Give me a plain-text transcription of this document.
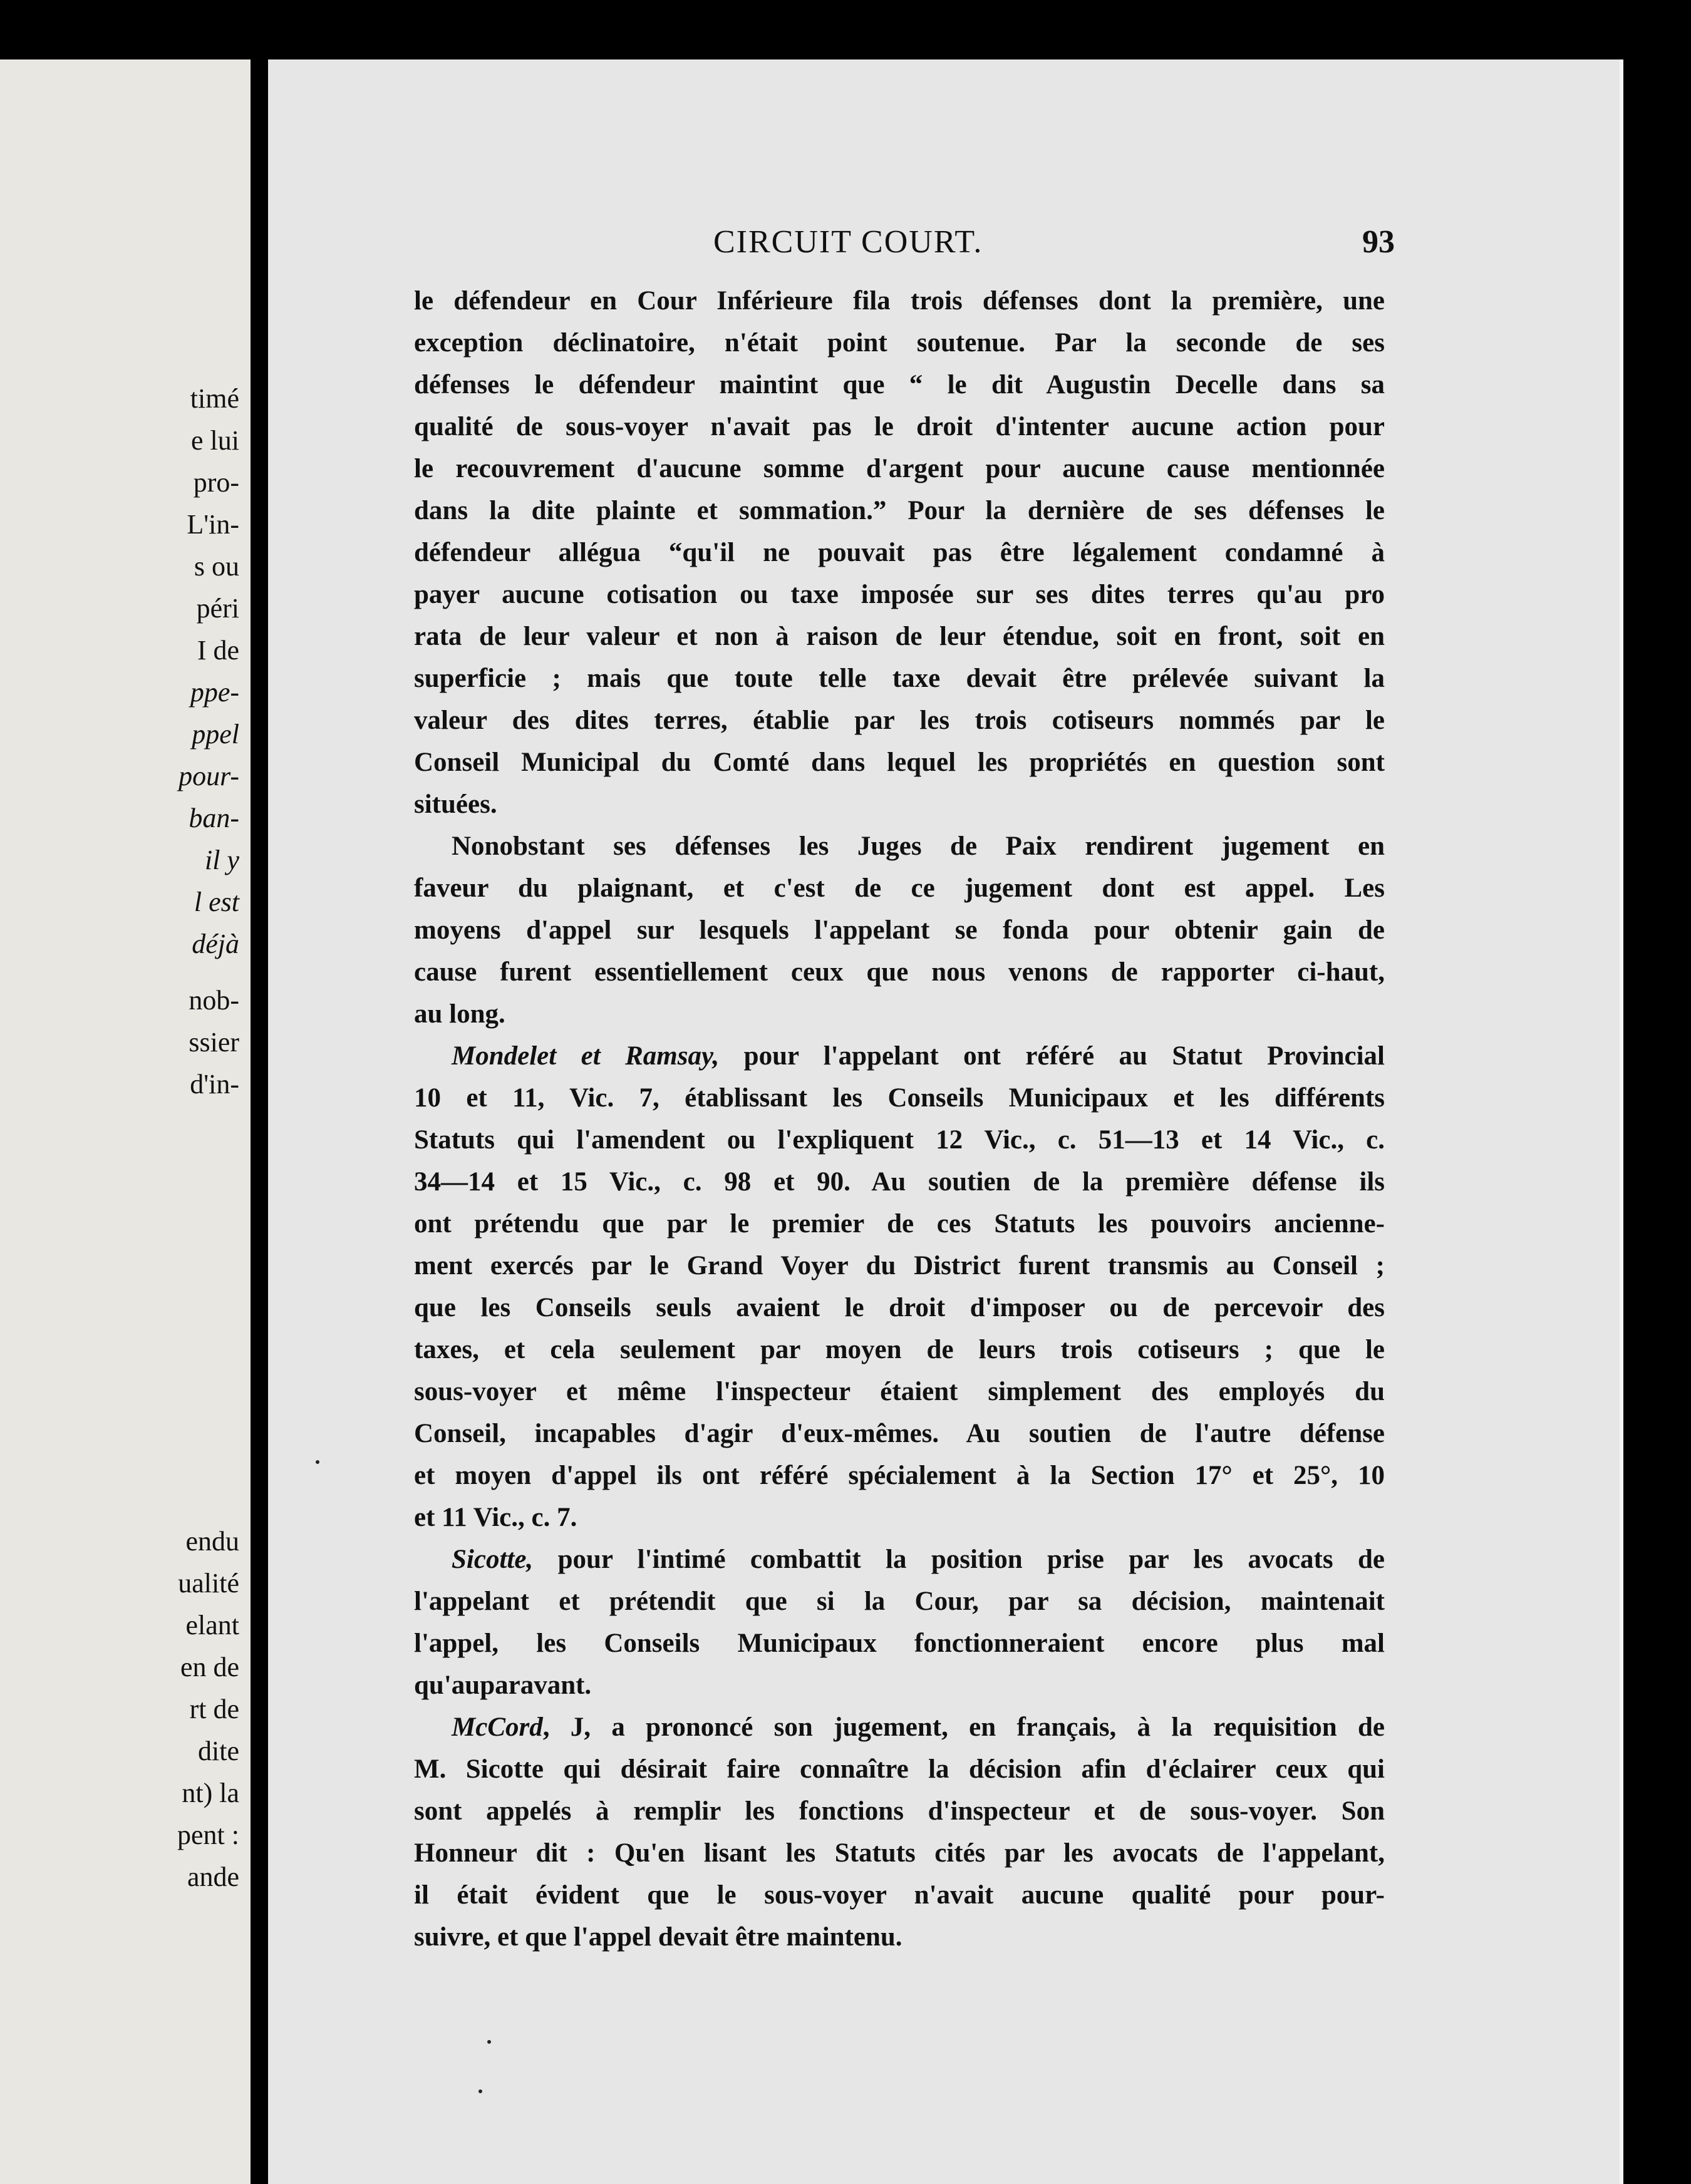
timé
e lui
pro-
L'in-
s ou
péri
I de
ppe-
ppel
pour-
ban-
il y
l est
déjà
nob-
ssier
d'in-
endu
ualité
elant
en de
rt de
dite
nt) la
pent :
ande
CIRCUIT COURT.	93
le défendeur en Cour Inférieure fila trois défenses dont la première, une
exception déclinatoire, n'était point soutenue. Par la seconde de ses
défenses le défendeur maintint que “ le dit Augustin Decelle dans sa
qualité de sous-voyer n'avait pas le droit d'intenter aucune action pour
le recouvrement d'aucune somme d'argent pour aucune cause mentionnée
dans la dite plainte et sommation.” Pour la dernière de ses défenses le
défendeur allégua “qu'il ne pouvait pas être légalement condamné à
payer aucune cotisation ou taxe imposée sur ses dites terres qu'au pro
rata de leur valeur et non à raison de leur étendue, soit en front, soit en
superficie ; mais que toute telle taxe devait être prélevée suivant la
valeur des dites terres, établie par les trois cotiseurs nommés par le
Conseil Municipal du Comté dans lequel les propriétés en question sont
situées.
Nonobstant ses défenses les Juges de Paix rendirent jugement en
faveur du plaignant, et c'est de ce jugement dont est appel. Les
moyens d'appel sur lesquels l'appelant se fonda pour obtenir gain de
cause furent essentiellement ceux que nous venons de rapporter ci-haut,
au long.
Mondelet et Ramsay, pour l'appelant ont référé au Statut Provincial
10 et 11, Vic. 7, établissant les Conseils Municipaux et les différents
Statuts qui l'amendent ou l'expliquent 12 Vic., c. 51—13 et 14 Vic., c.
34—14 et 15 Vic., c. 98 et 90. Au soutien de la première défense ils
ont prétendu que par le premier de ces Statuts les pouvoirs ancienne-
ment exercés par le Grand Voyer du District furent transmis au Conseil ;
que les Conseils seuls avaient le droit d'imposer ou de percevoir des
taxes, et cela seulement par moyen de leurs trois cotiseurs ; que le
sous-voyer et même l'inspecteur étaient simplement des employés du
Conseil, incapables d'agir d'eux-mêmes. Au soutien de l'autre défense
et moyen d'appel ils ont référé spécialement à la Section 17° et 25°, 10
et 11 Vic., c. 7.
Sicotte, pour l'intimé combattit la position prise par les avocats de
l'appelant et prétendit que si la Cour, par sa décision, maintenait
l'appel, les Conseils Municipaux fonctionneraient encore plus mal
qu'auparavant.
McCord, J, a prononcé son jugement, en français, à la requisition de
M. Sicotte qui désirait faire connaître la décision afin d'éclairer ceux qui
sont appelés à remplir les fonctions d'inspecteur et de sous-voyer. Son
Honneur dit : Qu'en lisant les Statuts cités par les avocats de l'appelant,
il était évident que le sous-voyer n'avait aucune qualité pour pour-
suivre, et que l'appel devait être maintenu.
